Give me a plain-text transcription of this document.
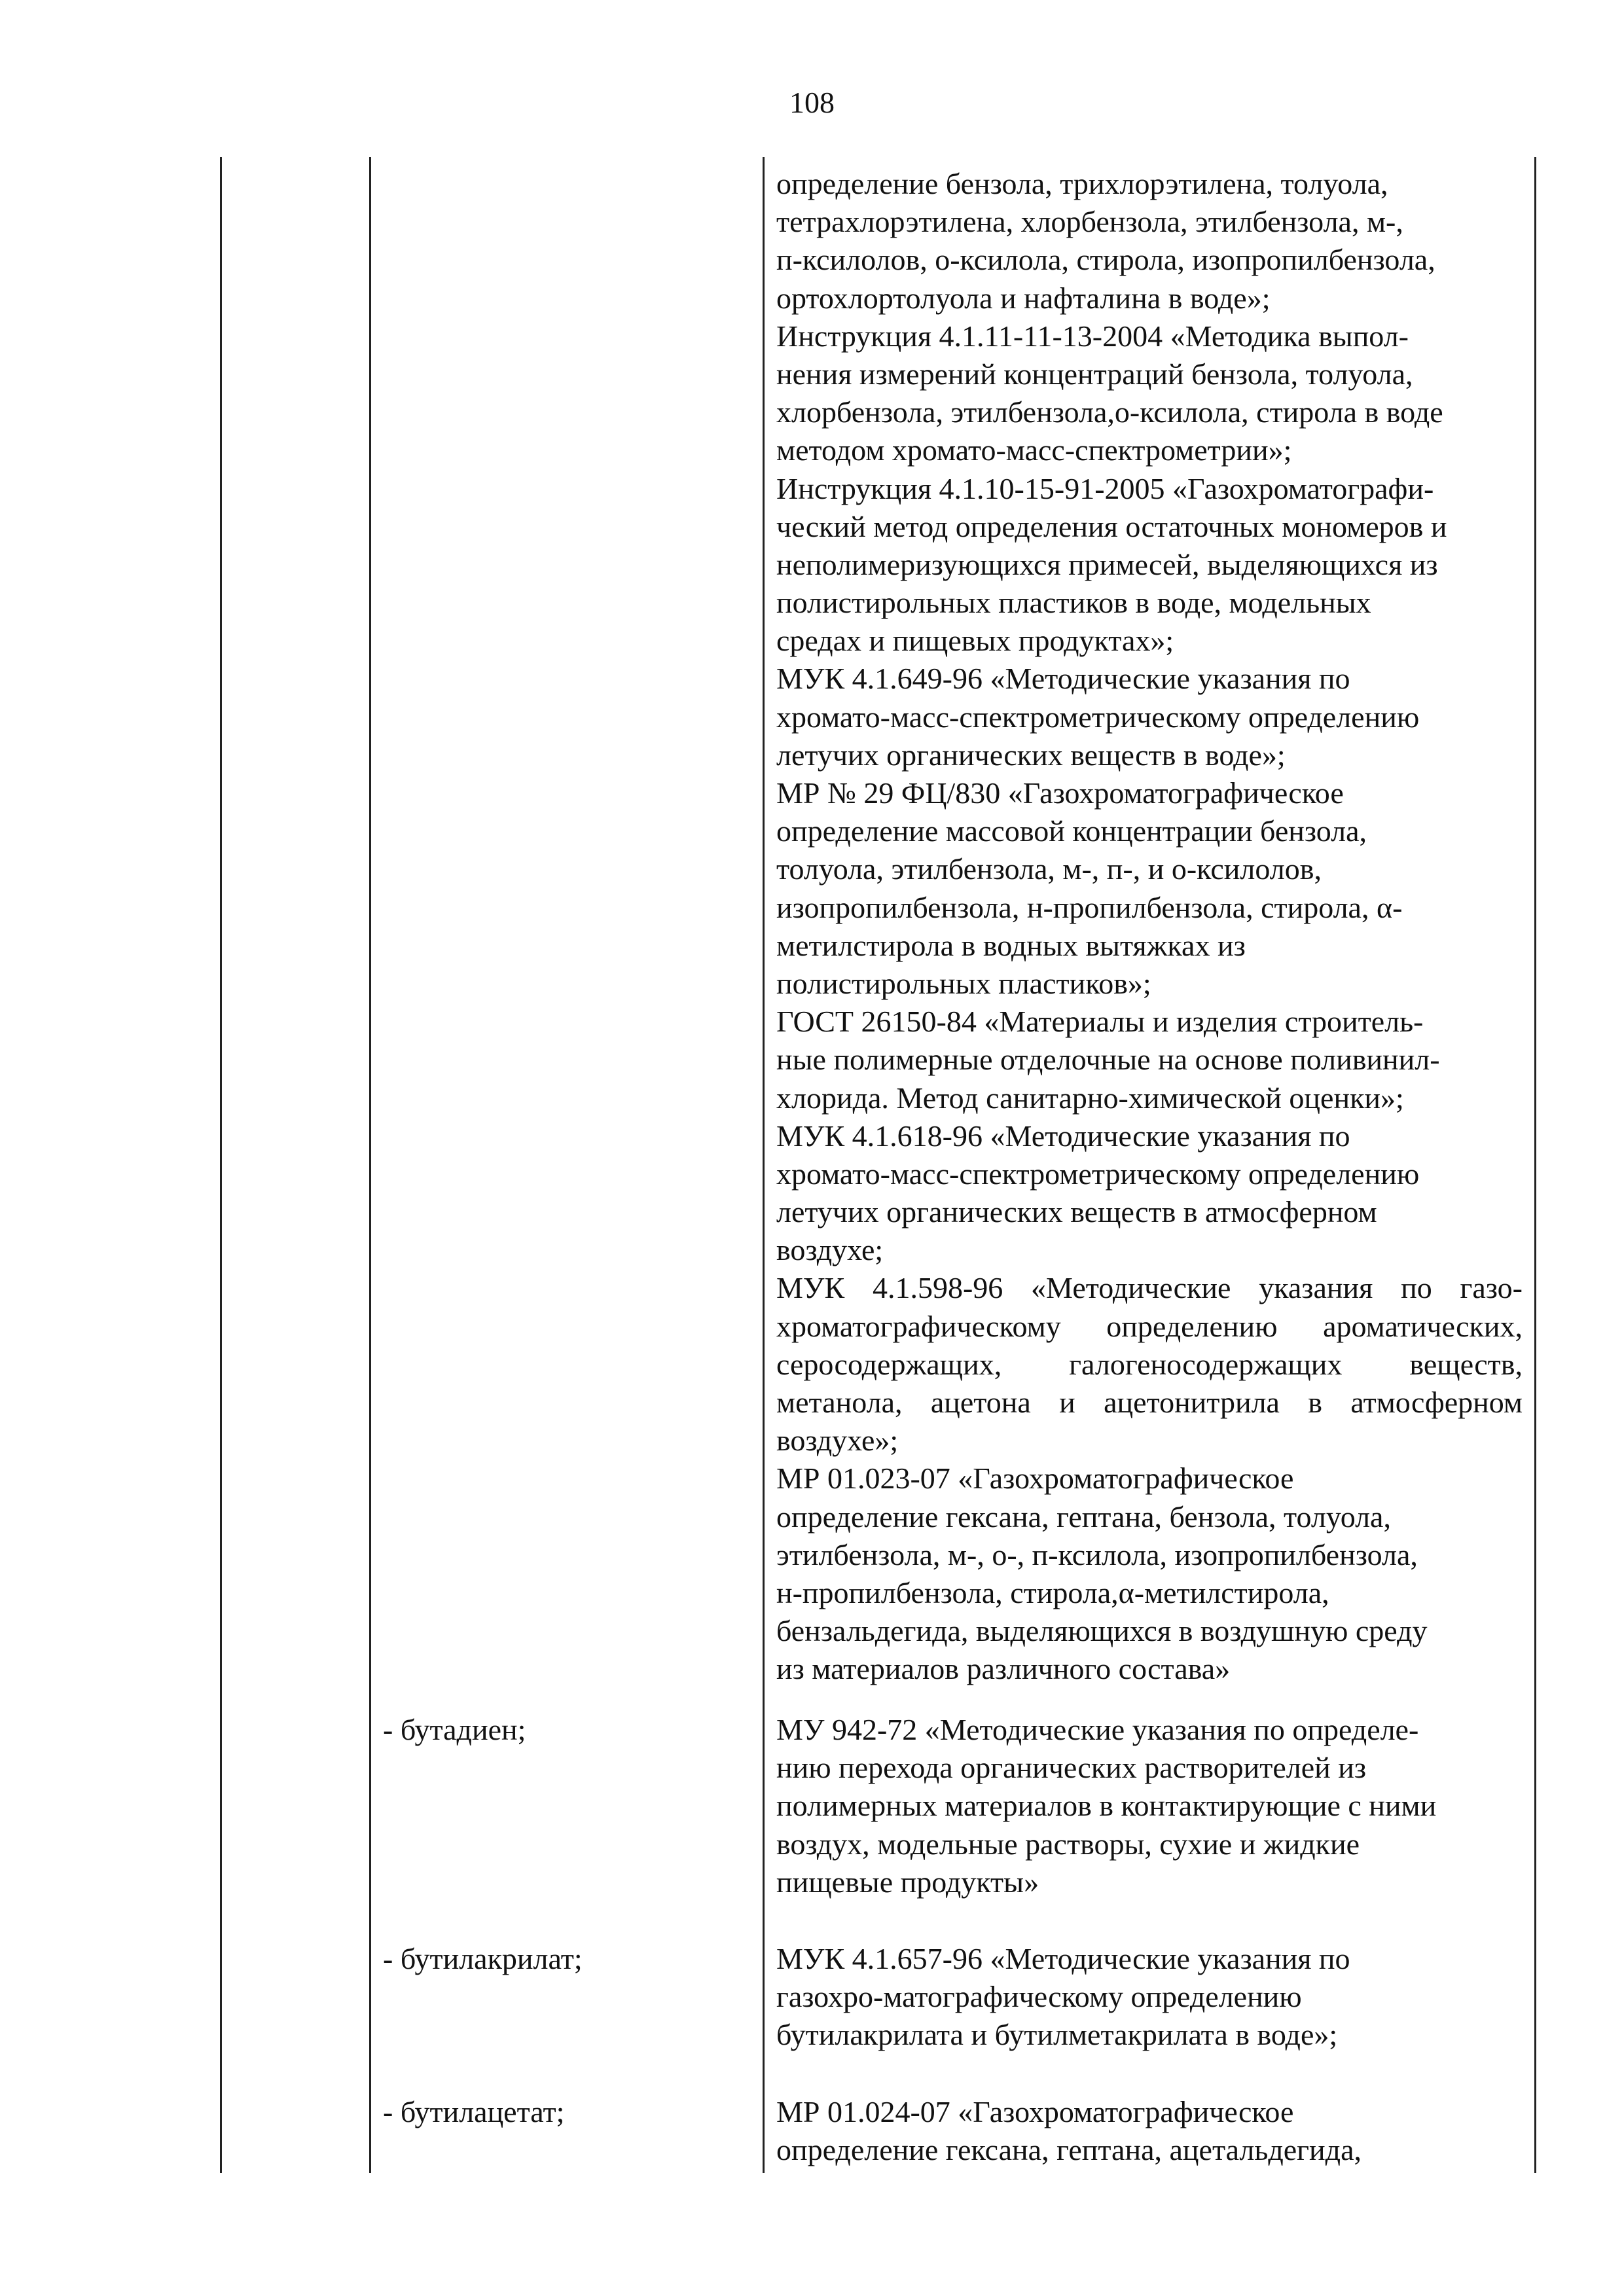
108
определение бензола, трихлорэтилена, толуола,
тетрахлорэтилена, хлорбензола, этилбензола, м-,
п-ксилолов, о-ксилола, стирола, изопропилбензола,
ортохлортолуола и нафталина в воде»;
Инструкция 4.1.11-11-13-2004 «Методика выпол-
нения измерений концентраций бензола, толуола,
хлорбензола, этилбензола,о-ксилола, стирола в воде
методом хромато-масс-спектрометрии»;
Инструкция 4.1.10-15-91-2005 «Газохроматографи-
ческий метод определения остаточных мономеров и
неполимеризующихся примесей, выделяющихся из
полистирольных пластиков в воде, модельных
средах и пищевых продуктах»;
МУК 4.1.649-96 «Методические указания по
хромато-масс-спектрометрическому определению
летучих органических веществ в воде»;
МР № 29 ФЦ/830 «Газохроматографическое
определение массовой концентрации бензола,
толуола, этилбензола, м-, п-, и о-ксилолов,
изопропилбензола, н-пропилбензола, стирола, α-
метилстирола в водных вытяжках из
полистирольных пластиков»;
ГОСТ 26150-84 «Материалы и изделия строитель-
ные полимерные отделочные на основе поливинил-
хлорида. Метод санитарно-химической оценки»;
МУК 4.1.618-96 «Методические указания по
хромато-масс-спектрометрическому определению
летучих органических веществ в атмосферном
воздухе;
МУК 4.1.598-96 «Методические указания по газо-
хроматографическому определению ароматических,
серосодержащих, галогеносодержащих веществ,
метанола, ацетона и ацетонитрила в атмосферном
воздухе»;
МР 01.023-07 «Газохроматографическое
определение гексана, гептана, бензола, толуола,
этилбензола, м-, о-, п-ксилола, изопропилбензола,
н-пропилбензола, стирола,α-метилстирола,
бензальдегида, выделяющихся в воздушную среду
из материалов различного состава»
- бутадиен;	МУ 942-72 «Методические указания по определе-
нию перехода органических растворителей из
полимерных материалов в контактирующие с ними
воздух, модельные растворы, сухие и жидкие
пищевые продукты»
- бутилакрилат;	МУК 4.1.657-96 «Методические указания по
газохро-матографическому определению
бутилакрилата и бутилметакрилата в воде»;
- бутилацетат;	МР 01.024-07 «Газохроматографическое
определение гексана, гептана, ацетальдегида,
